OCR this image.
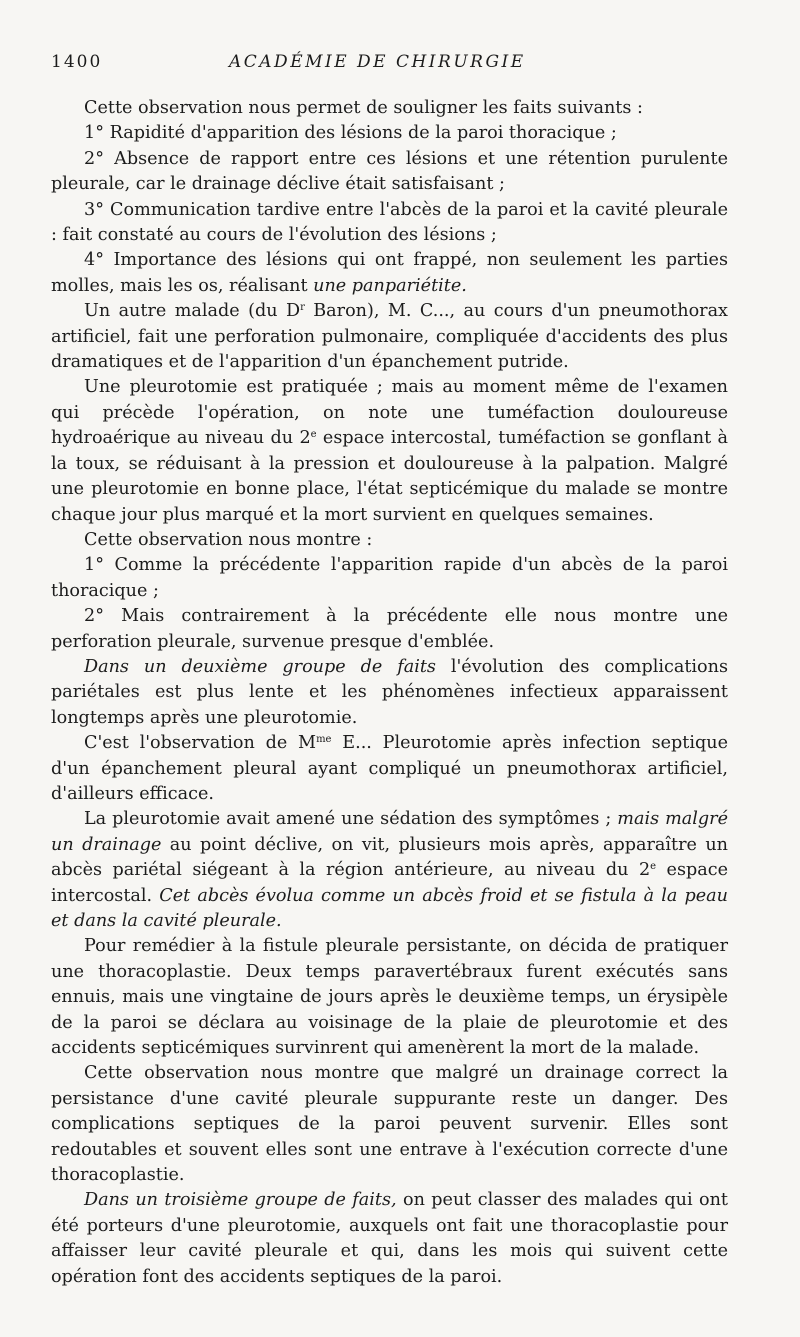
1400	ACADÉMIE DE CHIRURGIE

Cette observation nous permet de souligner les faits suivants :

1° Rapidité d'apparition des lésions de la paroi thoracique ;

2° Absence de rapport entre ces lésions et une rétention purulente pleurale, car le drainage déclive était satisfaisant ;

3° Communication tardive entre l'abcès de la paroi et la cavité pleurale : fait constaté au cours de l'évolution des lésions ;

4° Importance des lésions qui ont frappé, non seulement les parties molles, mais les os, réalisant une panpariétite.

Un autre malade (du $D^r$ Baron), M. C..., au cours d'un pneumothorax artificiel, fait une perforation pulmonaire, compliquée d'accidents des plus dramatiques et de l'apparition d'un épanchement putride.

Une pleurotomie est pratiquée ; mais au moment même de l'examen qui précède l'opération, on note une tuméfaction douloureuse hydroaérique au niveau du 2e espace intercostal, tuméfaction se gonflant à la toux, se réduisant à la pression et douloureuse à la palpation. Malgré une pleurotomie en bonne place, l'état septicémique du malade se montre chaque jour plus marqué et la mort survient en quelques semaines.

Cette observation nous montre :

1° Comme la précédente l'apparition rapide d'un abcès de la paroi thoracique ;

2° Mais contrairement à la précédente elle nous montre une perforation pleurale, survenue presque d'emblée.

Dans un deuxième groupe de faits l'évolution des complications pariétales est plus lente et les phénomènes infectieux apparaissent longtemps après une pleurotomie.

C'est l'observation de $M^{me}$ E... Pleurotomie après infection septique d'un épanchement pleural ayant compliqué un pneumothorax artificiel, d'ailleurs efficace.

La pleurotomie avait amené une sédation des symptômes ; mais malgré un drainage au point déclive, on vit, plusieurs mois après, apparaître un abcès pariétal siégeant à la région antérieure, au niveau du 2e espace intercostal. Cet abcès évolua comme un abcès froid et se fistula à la peau et dans la cavité pleurale.

Pour remédier à la fistule pleurale persistante, on décida de pratiquer une thoracoplastie. Deux temps paravertébraux furent exécutés sans ennuis, mais une vingtaine de jours après le deuxième temps, un érysipèle de la paroi se déclara au voisinage de la plaie de pleurotomie et des accidents septicémiques survinrent qui amenèrent la mort de la malade.

Cette observation nous montre que malgré un drainage correct la persistance d'une cavité pleurale suppurante reste un danger. Des complications septiques de la paroi peuvent survenir. Elles sont redoutables et souvent elles sont une entrave à l'exécution correcte d'une thoracoplastie.

Dans un troisième groupe de faits, on peut classer des malades qui ont été porteurs d'une pleurotomie, auxquels ont fait une thoracoplastie pour affaisser leur cavité pleurale et qui, dans les mois qui suivent cette opération font des accidents septiques de la paroi.
